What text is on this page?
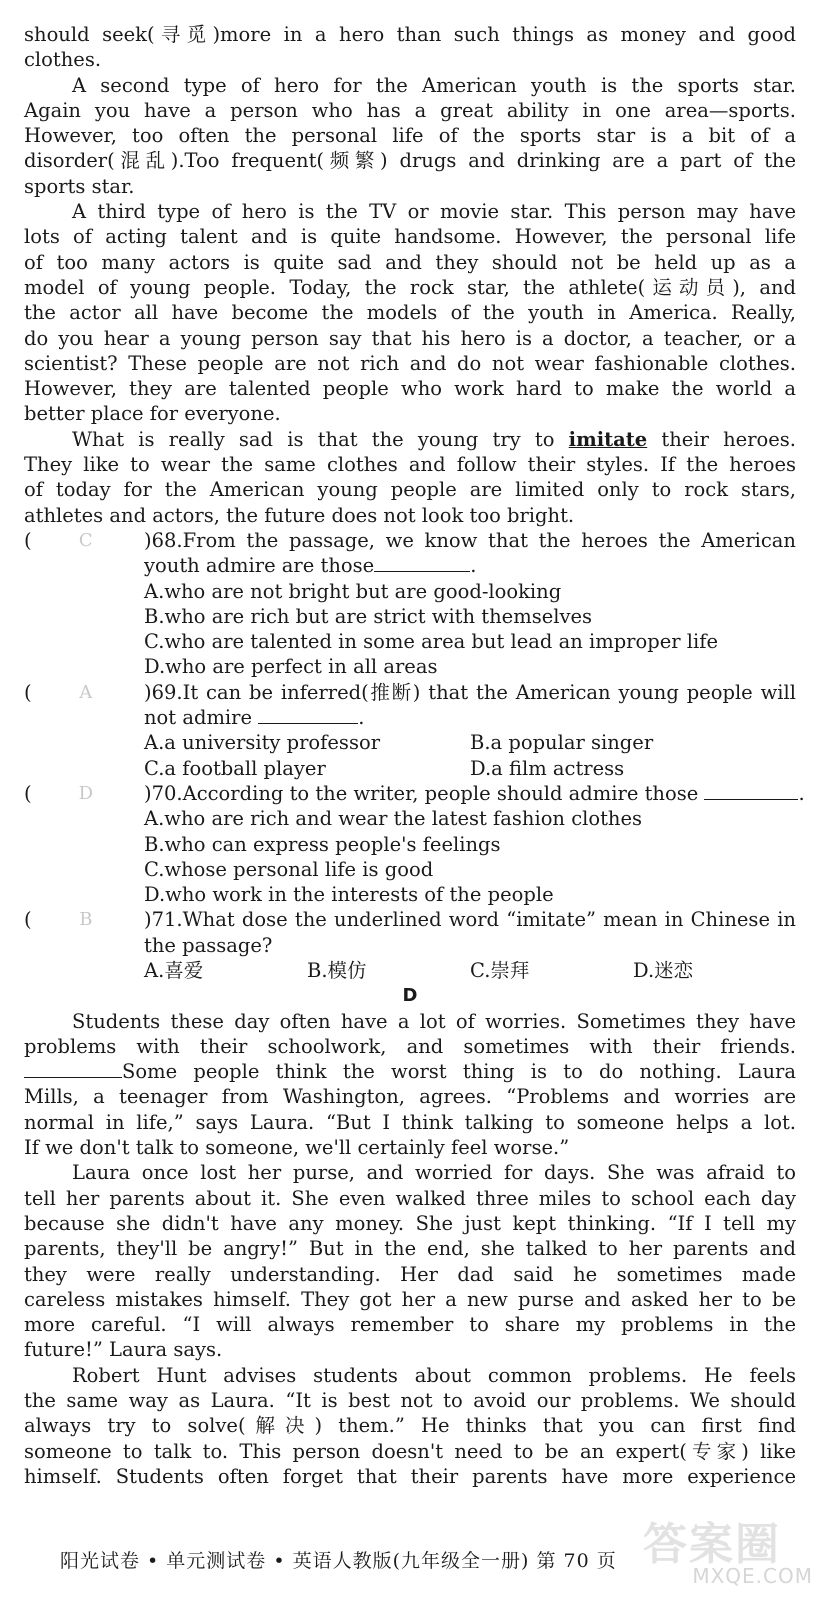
should seek(寻觅)more in a hero than such things as money and good
clothes.
A second type of hero for the American youth is the sports star.
Again you have a person who has a great ability in one area—sports.
However, too often the personal life of the sports star is a bit of a
disorder(混乱).Too frequent(频繁) drugs and drinking are a part of the
sports star.
A third type of hero is the TV or movie star. This person may have
lots of acting talent and is quite handsome. However, the personal life
of too many actors is quite sad and they should not be held up as a
model of young people. Today, the rock star, the athlete(运动员), and
the actor all have become the models of the youth in America. Really,
do you hear a young person say that his hero is a doctor, a teacher, or a
scientist? These people are not rich and do not wear fashionable clothes.
However, they are talented people who work hard to make the world a
better place for everyone.
What is really sad is that the young try to imitate their heroes.
They like to wear the same clothes and follow their styles. If the heroes
of today for the American young people are limited only to rock stars,
athletes and actors, the future does not look too bright.
(	C	)68.From the passage, we know that the heroes the American
youth admire are those	.
A.who are not bright but are good-looking
B.who are rich but are strict with themselves
C.who are talented in some area but lead an improper life
D.who are perfect in all areas
(	A	)69.It can be inferred(推断) that the American young people will
not admire	.
A.a university professor	B.a popular singer
C.a football player	D.a film actress
(	D	)70.According to the writer, people should admire those	.
A.who are rich and wear the latest fashion clothes
B.who can express people's feelings
C.whose personal life is good
D.who work in the interests of the people
(	B	)71.What dose the underlined word “imitate” mean in Chinese in
the passage?
A.喜爱	B.模仿	C.崇拜	D.迷恋
D
Students these day often have a lot of worries. Sometimes they have
problems with their schoolwork, and sometimes with their friends.
Some people think the worst thing is to do nothing. Laura
Mills, a teenager from Washington, agrees. “Problems and worries are
normal in life,” says Laura. “But I think talking to someone helps a lot.
If we don't talk to someone, we'll certainly feel worse.”
Laura once lost her purse, and worried for days. She was afraid to
tell her parents about it. She even walked three miles to school each day
because she didn't have any money. She just kept thinking. “If I tell my
parents, they'll be angry!” But in the end, she talked to her parents and
they were really understanding. Her dad said he sometimes made
careless mistakes himself. They got her a new purse and asked her to be
more careful. “I will always remember to share my problems in the
future!” Laura says.
Robert Hunt advises students about common problems. He feels
the same way as Laura. “It is best not to avoid our problems. We should
always try to solve(解决) them.” He thinks that you can first find
someone to talk to. This person doesn't need to be an expert(专家) like
himself. Students often forget that their parents have more experience
阳光试卷 • 单元测试卷 • 英语人教版(九年级全一册) 第 70 页 答案圈
MXQE.COM
